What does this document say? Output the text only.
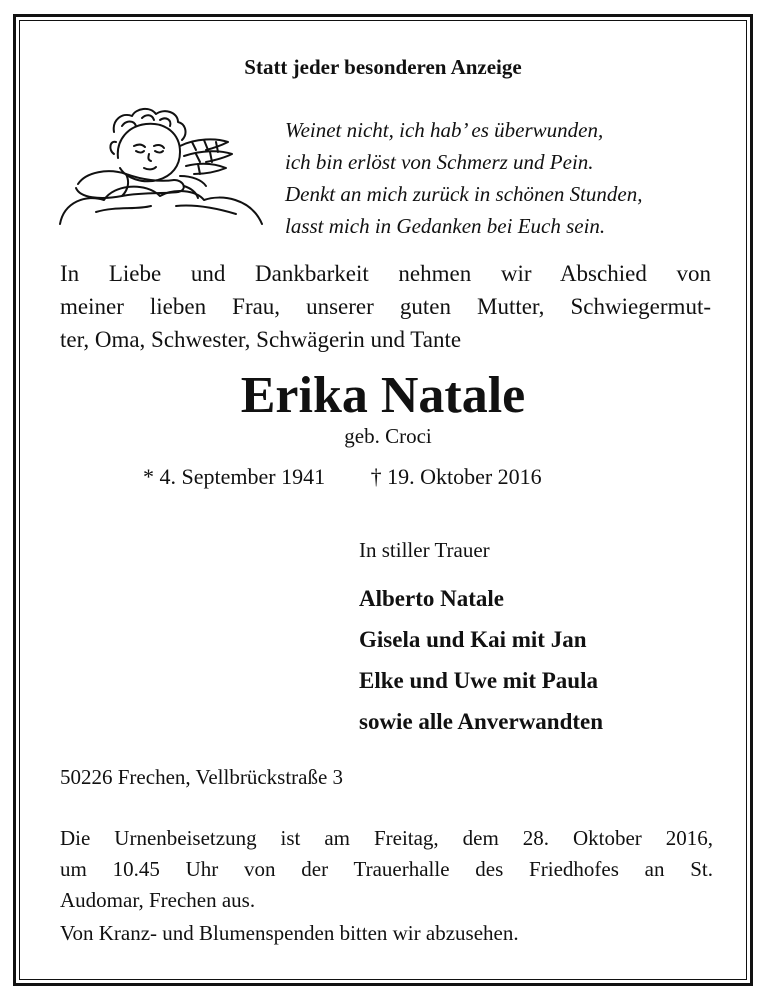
Statt jeder besonderen Anzeige
Weinet nicht, ich hab’ es überwunden,
ich bin erlöst von Schmerz und Pein.
Denkt an mich zurück in schönen Stunden,
lasst mich in Gedanken bei Euch sein.
In Liebe und Dankbarkeit nehmen wir Abschied von
meiner lieben Frau, unserer guten Mutter, Schwiegermut-
ter, Oma, Schwester, Schwägerin und Tante
Erika Natale
geb. Croci
* 4. September 1941 † 19. Oktober 2016
In stiller Trauer
Alberto Natale
Gisela und Kai mit Jan
Elke und Uwe mit Paula
sowie alle Anverwandten
50226 Frechen, Vellbrückstraße 3
Die Urnenbeisetzung ist am Freitag, dem 28. Oktober 2016,
um 10.45 Uhr von der Trauerhalle des Friedhofes an St.
Audomar, Frechen aus.
Von Kranz- und Blumenspenden bitten wir abzusehen.
